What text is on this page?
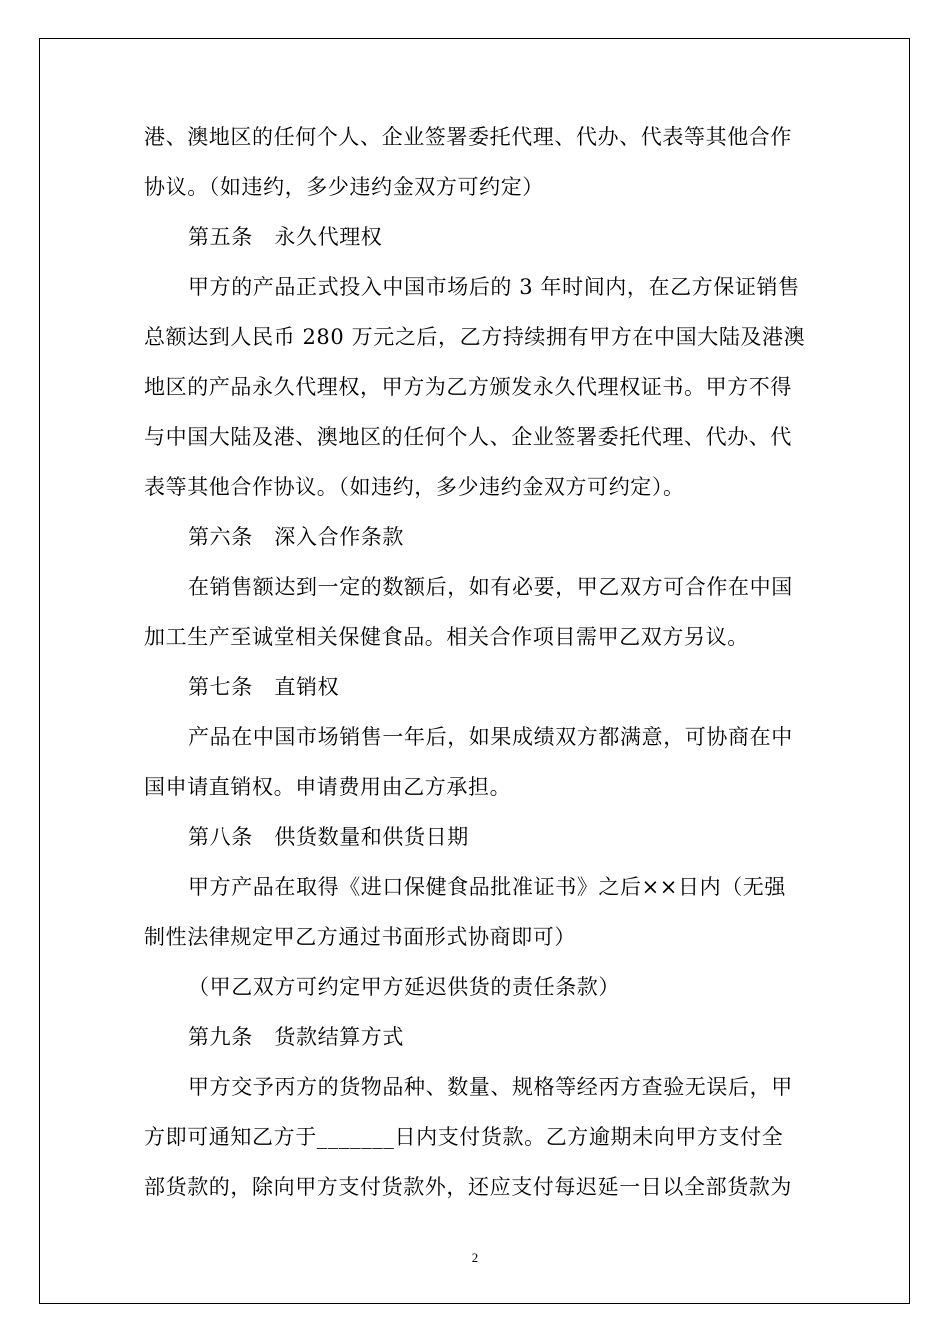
港、澳地区的任何个人、企业签署委托代理、代办、代表等其他合作
协议。（如违约，多少违约金双方可约定）
第五条　永久代理权
甲方的产品正式投入中国市场后的 3 年时间内，在乙方保证销售
总额达到人民币 280 万元之后，乙方持续拥有甲方在中国大陆及港澳
地区的产品永久代理权，甲方为乙方颁发永久代理权证书。甲方不得
与中国大陆及港、澳地区的任何个人、企业签署委托代理、代办、代
表等其他合作协议。（如违约，多少违约金双方可约定）。
第六条　深入合作条款
在销售额达到一定的数额后，如有必要，甲乙双方可合作在中国
加工生产至诚堂相关保健食品。相关合作项目需甲乙双方另议。
第七条　直销权
产品在中国市场销售一年后，如果成绩双方都满意，可协商在中
国申请直销权。申请费用由乙方承担。
第八条　供货数量和供货日期
甲方产品在取得《进口保健食品批准证书》之后××日内（无强
制性法律规定甲乙方通过书面形式协商即可）
（甲乙双方可约定甲方延迟供货的责任条款）
第九条　货款结算方式
甲方交予丙方的货物品种、数量、规格等经丙方查验无误后，甲
方即可通知乙方于_______日内支付货款。乙方逾期未向甲方支付全
部货款的，除向甲方支付货款外，还应支付每迟延一日以全部货款为
2
